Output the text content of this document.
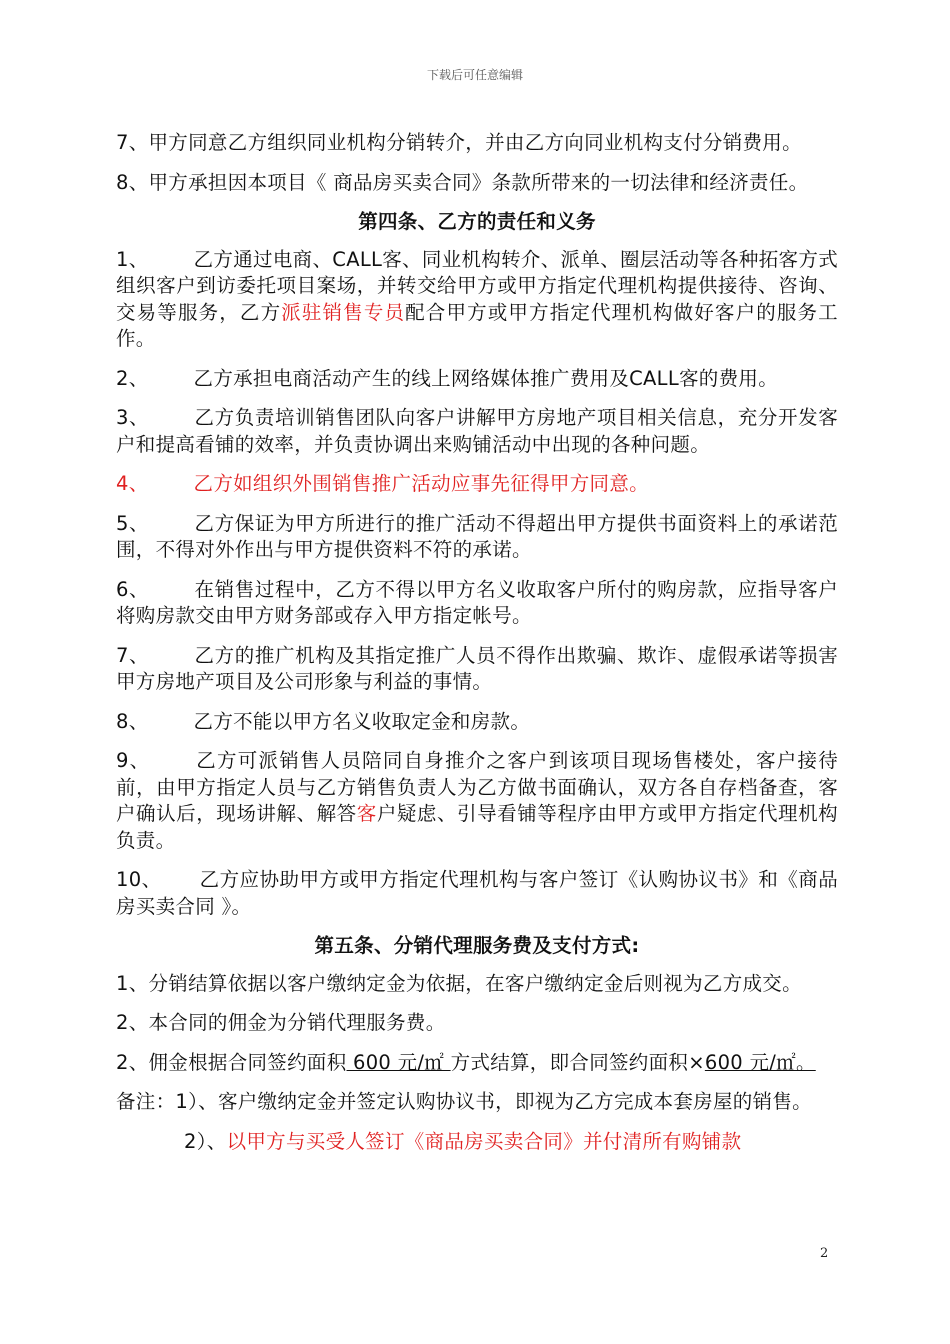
下载后可任意编辑

7、甲方同意乙方组织同业机构分销转介，并由乙方向同业机构支付分销费用。

8、甲方承担因本项目《 商品房买卖合同》条款所带来的一切法律和经济责任。

第四条、乙方的责任和义务

1、 乙方通过电商、CALL客、同业机构转介、派单、圈层活动等各种拓客方式组织客户到访委托项目案场，并转交给甲方或甲方指定代理机构提供接待、咨询、交易等服务，乙方派驻销售专员配合甲方或甲方指定代理机构做好客户的服务工作。

2、 乙方承担电商活动产生的线上网络媒体推广费用及CALL客的费用。

3、 乙方负责培训销售团队向客户讲解甲方房地产项目相关信息，充分开发客户和提高看铺的效率，并负责协调出来购铺活动中出现的各种问题。

4、 乙方如组织外围销售推广活动应事先征得甲方同意。

5、 乙方保证为甲方所进行的推广活动不得超出甲方提供书面资料上的承诺范围，不得对外作出与甲方提供资料不符的承诺。

6、 在销售过程中，乙方不得以甲方名义收取客户所付的购房款，应指导客户将购房款交由甲方财务部或存入甲方指定帐号。

7、 乙方的推广机构及其指定推广人员不得作出欺骗、欺诈、虚假承诺等损害甲方房地产项目及公司形象与利益的事情。

8、 乙方不能以甲方名义收取定金和房款。

9、 乙方可派销售人员陪同自身推介之客户到该项目现场售楼处，客户接待前，由甲方指定人员与乙方销售负责人为乙方做书面确认，双方各自存档备查，客户确认后，现场讲解、解答客户疑虑、引导看铺等程序由甲方或甲方指定代理机构负责。

10、 乙方应协助甲方或甲方指定代理机构与客户签订《认购协议书》和《商品房买卖合同 》。

第五条、分销代理服务费及支付方式:

1、分销结算依据以客户缴纳定金为依据，在客户缴纳定金后则视为乙方成交。

2、本合同的佣金为分销代理服务费。

2、佣金根据合同签约面积 600 元/㎡ 方式结算，即合同签约面积×600 元/㎡。

备注：1）、客户缴纳定金并签定认购协议书，即视为乙方完成本套房屋的销售。

2）、以甲方与买受人签订《商品房买卖合同》并付清所有购铺款

2
